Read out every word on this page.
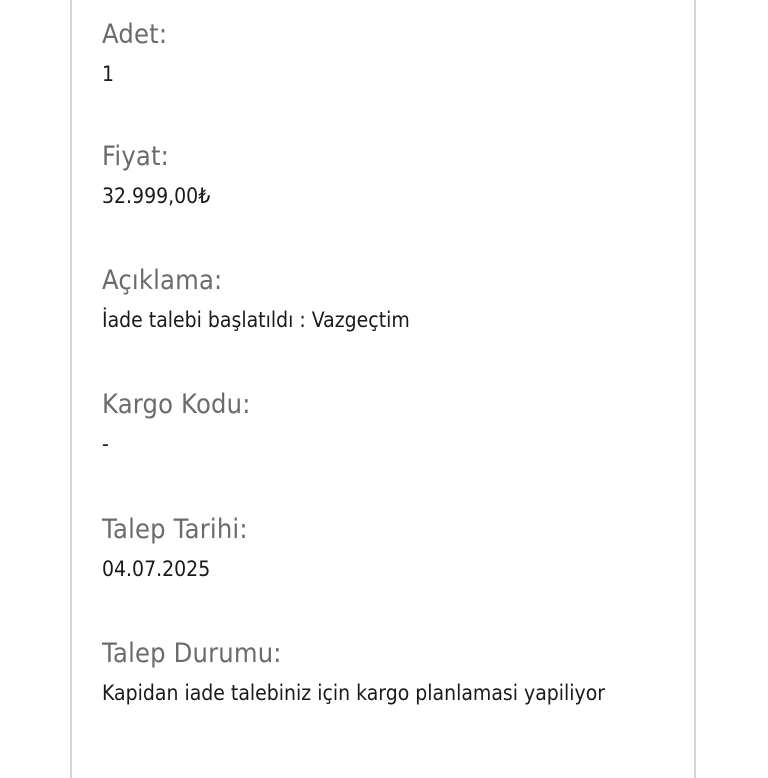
Adet:
1
Fiyat:
32.999,00₺
Açıklama:
İade talebi başlatıldı : Vazgeçtim
Kargo Kodu:
-
Talep Tarihi:
04.07.2025
Talep Durumu:
Kapidan iade talebiniz için kargo planlamasi yapiliyor
